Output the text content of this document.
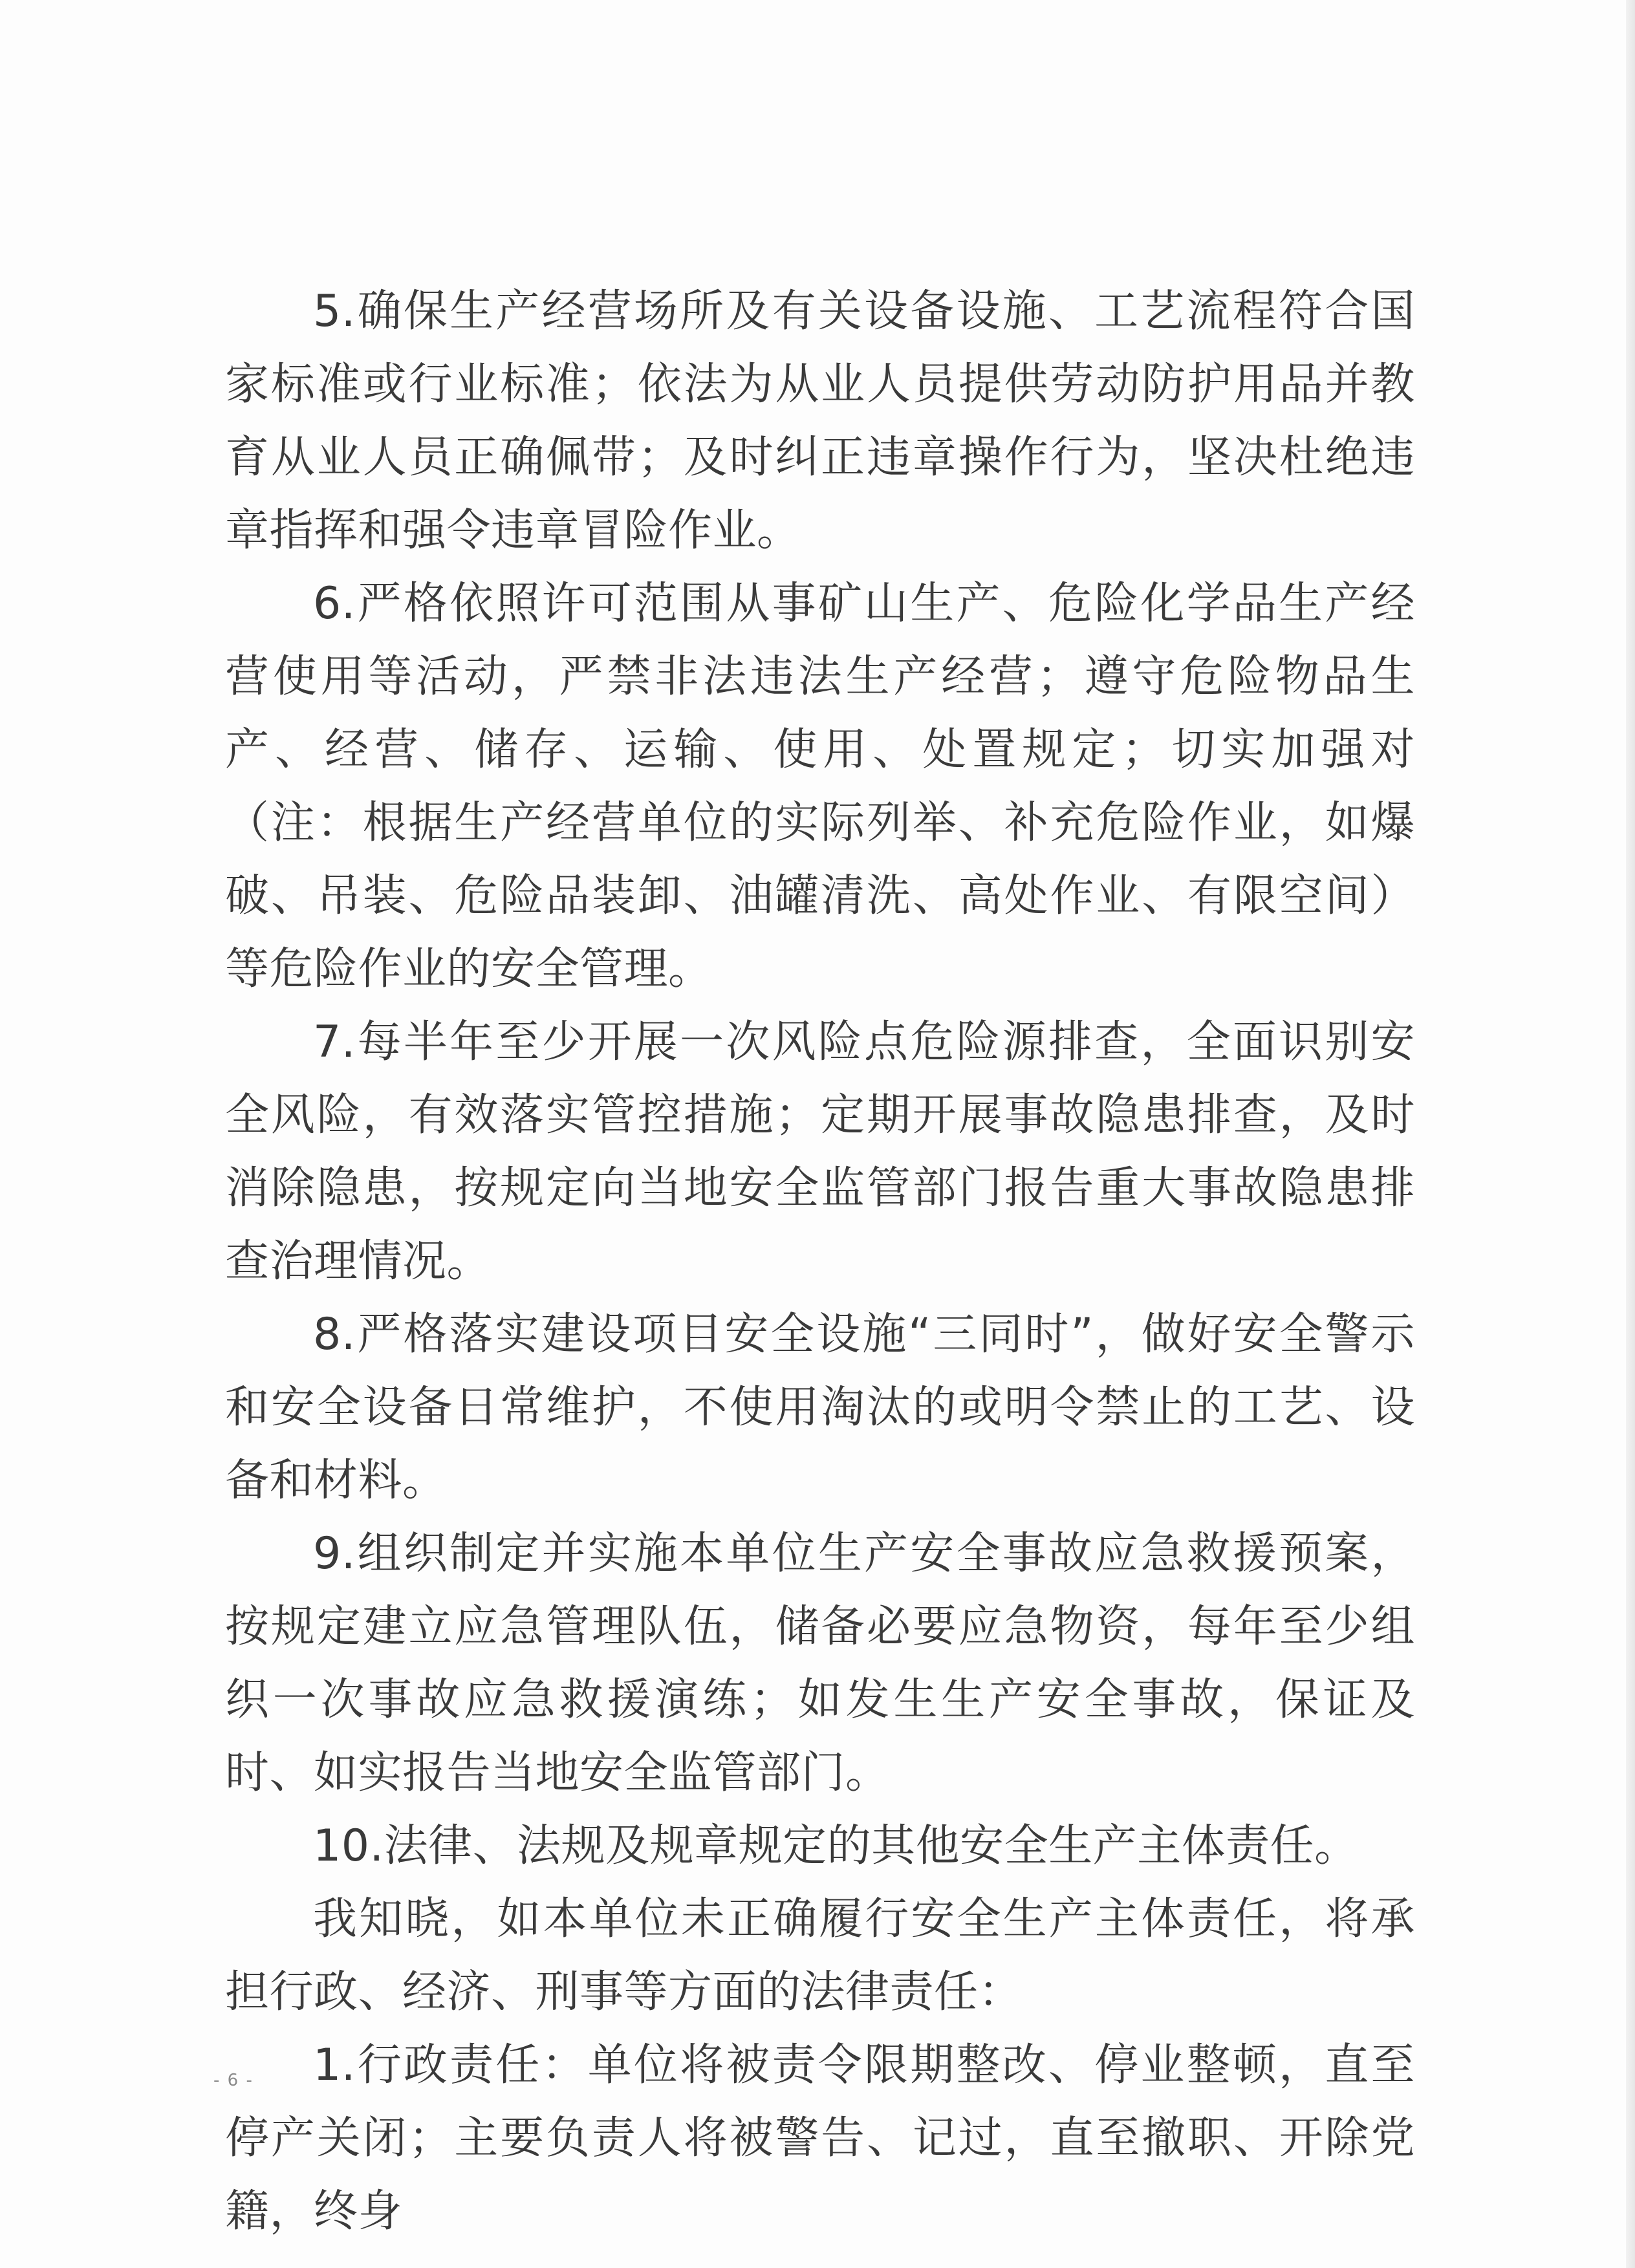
5.确保生产经营场所及有关设备设施、工艺流程符合国家标准或行业标准；依法为从业人员提供劳动防护用品并教育从业人员正确佩带；及时纠正违章操作行为，坚决杜绝违章指挥和强令违章冒险作业。

6.严格依照许可范围从事矿山生产、危险化学品生产经营使用等活动，严禁非法违法生产经营；遵守危险物品生产、经营、储存、运输、使用、处置规定；切实加强对（注：根据生产经营单位的实际列举、补充危险作业，如爆破、吊装、危险品装卸、油罐清洗、高处作业、有限空间）等危险作业的安全管理。

7.每半年至少开展一次风险点危险源排查，全面识别安全风险，有效落实管控措施；定期开展事故隐患排查，及时消除隐患，按规定向当地安全监管部门报告重大事故隐患排查治理情况。

8.严格落实建设项目安全设施“三同时”，做好安全警示和安全设备日常维护，不使用淘汰的或明令禁止的工艺、设备和材料。

9.组织制定并实施本单位生产安全事故应急救援预案，按规定建立应急管理队伍，储备必要应急物资，每年至少组织一次事故应急救援演练；如发生生产安全事故，保证及时、如实报告当地安全监管部门。

10.法律、法规及规章规定的其他安全生产主体责任。

我知晓，如本单位未正确履行安全生产主体责任，将承担行政、经济、刑事等方面的法律责任：

1.行政责任：单位将被责令限期整改、停业整顿，直至停产关闭；主要负责人将被警告、记过，直至撤职、开除党籍，终身

- 6 -
